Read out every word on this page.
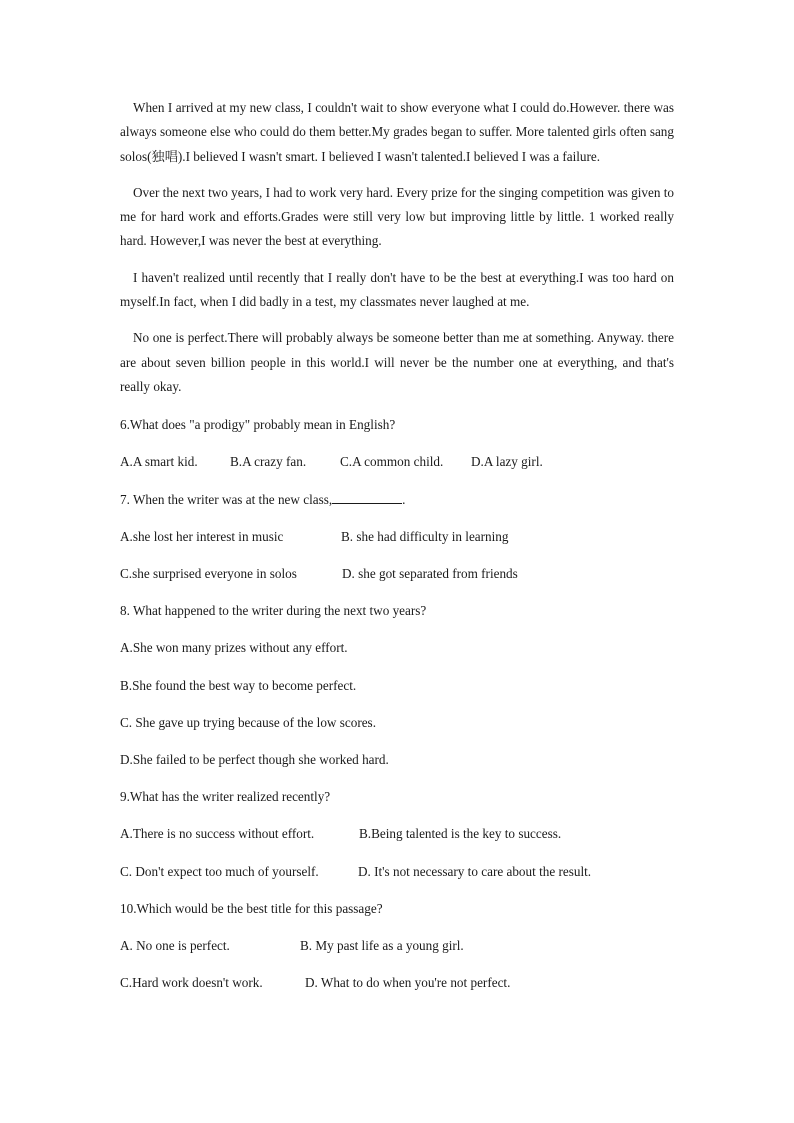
When I arrived at my new class, I couldn't wait to show everyone what I could do.However. there was always someone else who could do them better.My grades began to suffer. More talented girls often sang solos(独唱).I believed I wasn't smart. I believed I wasn't talented.I believed I was a failure.

Over the next two years, I had to work very hard. Every prize for the singing competition was given to me for hard work and efforts.Grades were still very low but improving little by little. 1 worked really hard. However,I was never the best at everything.

I haven't realized until recently that I really don't have to be the best at everything.I was too hard on myself.In fact, when I did badly in a test, my classmates never laughed at me.

No one is perfect.There will probably always be someone better than me at something. Anyway. there are about seven billion people in this world.I will never be the number one at everything, and that's really okay.

6.What does "a prodigy" probably mean in English?
A.A smart kid. B.A crazy fan.	C.A common child. D.A lazy girl.
7. When the writer was at the new class,	.
A.she lost her interest in music	B. she had difficulty in learning
C.she surprised everyone in solos	D. she got separated from friends
8. What happened to the writer during the next two years?
A.She won many prizes without any effort.
B.She found the best way to become perfect.
C. She gave up trying because of the low scores.
D.She failed to be perfect though she worked hard.
9.What has the writer realized recently?
A.There is no success without effort.	B.Being talented is the key to success.
C. Don't expect too much of yourself.	D. It's not necessary to care about the result.
10.Which would be the best title for this passage?
A. No one is perfect.	B. My past life as a young girl.
C.Hard work doesn't work.	D. What to do when you're not perfect.
